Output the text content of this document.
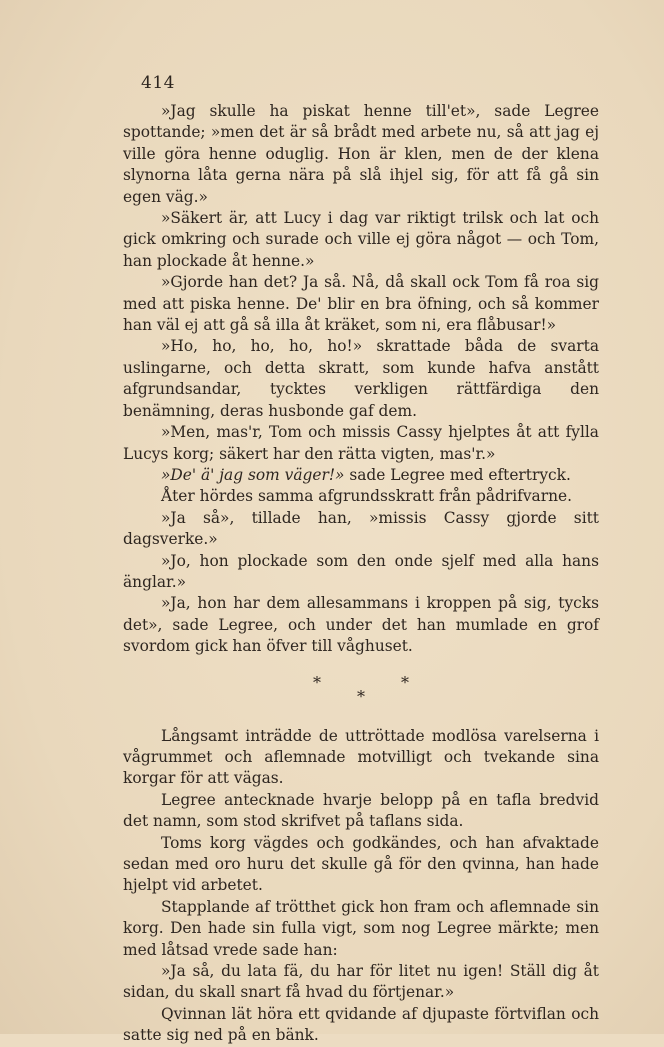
414

»Jag skulle ha piskat henne till'et», sade Legree spottande; »men det är så brådt med arbete nu, så att jag ej ville göra henne oduglig. Hon är klen, men de der klena slynorna låta gerna nära på slå ihjel sig, för att få gå sin egen väg.»

»Säkert är, att Lucy i dag var riktigt trilsk och lat och gick omkring och surade och ville ej göra något — och Tom, han plockade åt henne.»

»Gjorde han det? Ja så. Nå, då skall ock Tom få roa sig med att piska henne. De' blir en bra öfning, och så kommer han väl ej att gå så illa åt kräket, som ni, era flåbusar!»

»Ho, ho, ho, ho, ho!» skrattade båda de svarta uslingarne, och detta skratt, som kunde hafva anstått afgrundsandar, tycktes verkligen rättfärdiga den benämning, deras husbonde gaf dem.

»Men, mas'r, Tom och missis Cassy hjelptes åt att fylla Lucys korg; säkert har den rätta vigten, mas'r.»

»De' ä' jag som väger!» sade Legree med eftertryck.

Åter hördes samma afgrundsskratt från pådrifvarne.

»Ja så», tillade han, »missis Cassy gjorde sitt dagsverke.»

»Jo, hon plockade som den onde sjelf med alla hans änglar.»

»Ja, hon har dem allesammans i kroppen på sig, tycks det», sade Legree, och under det han mumlade en grof svordom gick han öfver till våghuset.

*	*
*

Långsamt inträdde de uttröttade modlösa varelserna i vågrummet och aflemnade motvilligt och tvekande sina korgar för att vägas.

Legree antecknade hvarje belopp på en tafla bredvid det namn, som stod skrifvet på taflans sida.

Toms korg vägdes och godkändes, och han afvaktade sedan med oro huru det skulle gå för den qvinna, han hade hjelpt vid arbetet.

Stapplande af trötthet gick hon fram och aflemnade sin korg. Den hade sin fulla vigt, som nog Legree märkte; men med låtsad vrede sade han:

»Ja så, du lata fä, du har för litet nu igen! Ställ dig åt sidan, du skall snart få hvad du förtjenar.»

Qvinnan lät höra ett qvidande af djupaste förtviflan och satte sig ned på en bänk.
